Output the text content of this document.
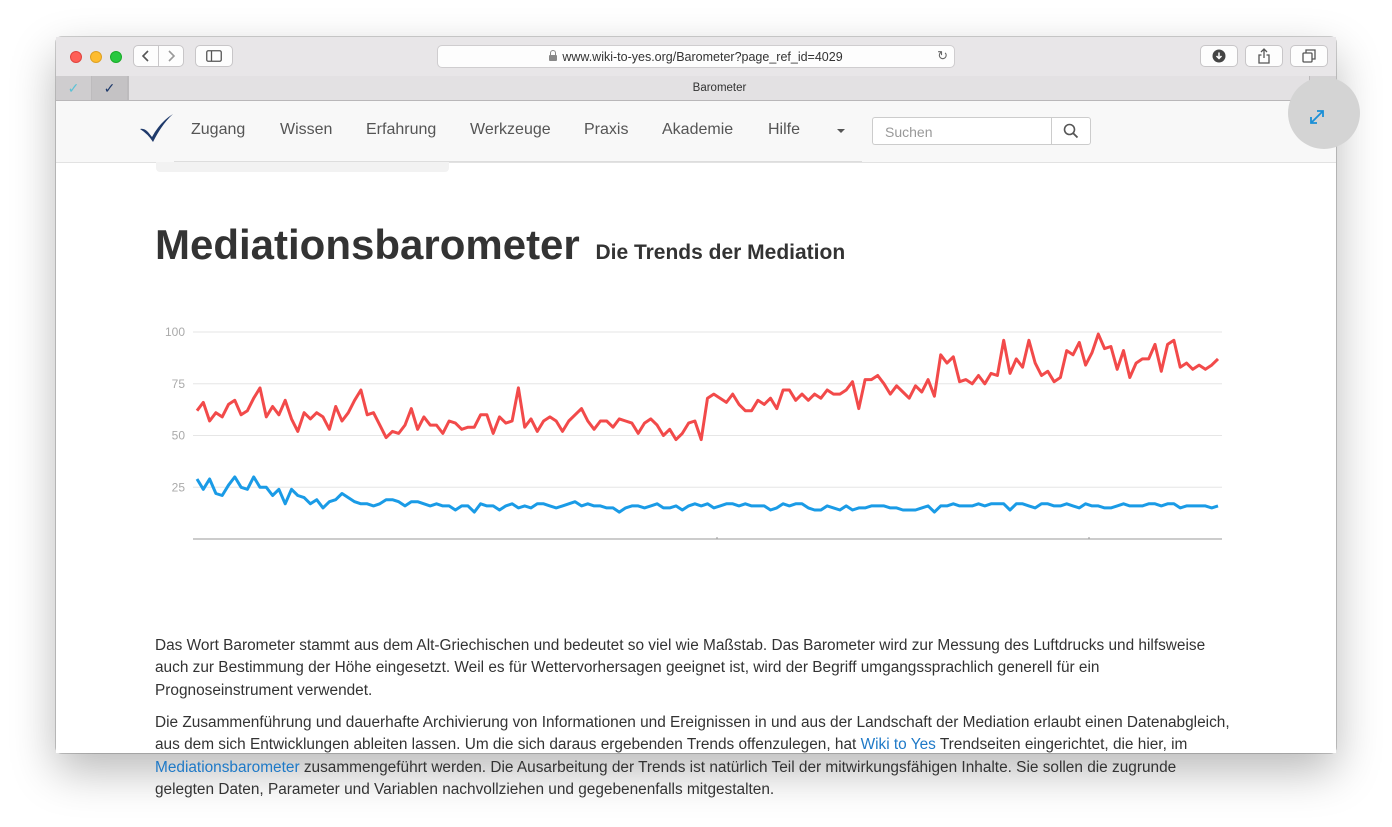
www.wiki-to-yes.org/Barometer?page_ref_id=4029	↻
✓	✓	Barometer
Zugang Wissen Erfahrung Werkzeuge Praxis Akademie Hilfe
Suchen
Mediationsbarometer Die Trends der Mediation
100
75
50
25

Das Wort Barometer stammt aus dem Alt-Griechischen und bedeutet so viel wie Maßstab. Das Barometer wird zur Messung des Luftdrucks und hilfsweise auch zur Bestimmung der Höhe eingesetzt. Weil es für Wettervorhersagen geeignet ist, wird der Begriff umgangssprachlich generell für ein Prognoseinstrument verwendet.

Die Zusammenführung und dauerhafte Archivierung von Informationen und Ereignissen in und aus der Landschaft der Mediation erlaubt einen Datenabgleich, aus dem sich Entwicklungen ableiten lassen. Um die sich daraus ergebenden Trends offenzulegen, hat Wiki to Yes Trendseiten eingerichtet, die hier, im Mediationsbarometer zusammengeführt werden. Die Ausarbeitung der Trends ist natürlich Teil der mitwirkungsfähigen Inhalte. Sie sollen die zugrunde gelegten Daten, Parameter und Variablen nachvollziehen und gegebenenfalls mitgestalten.
